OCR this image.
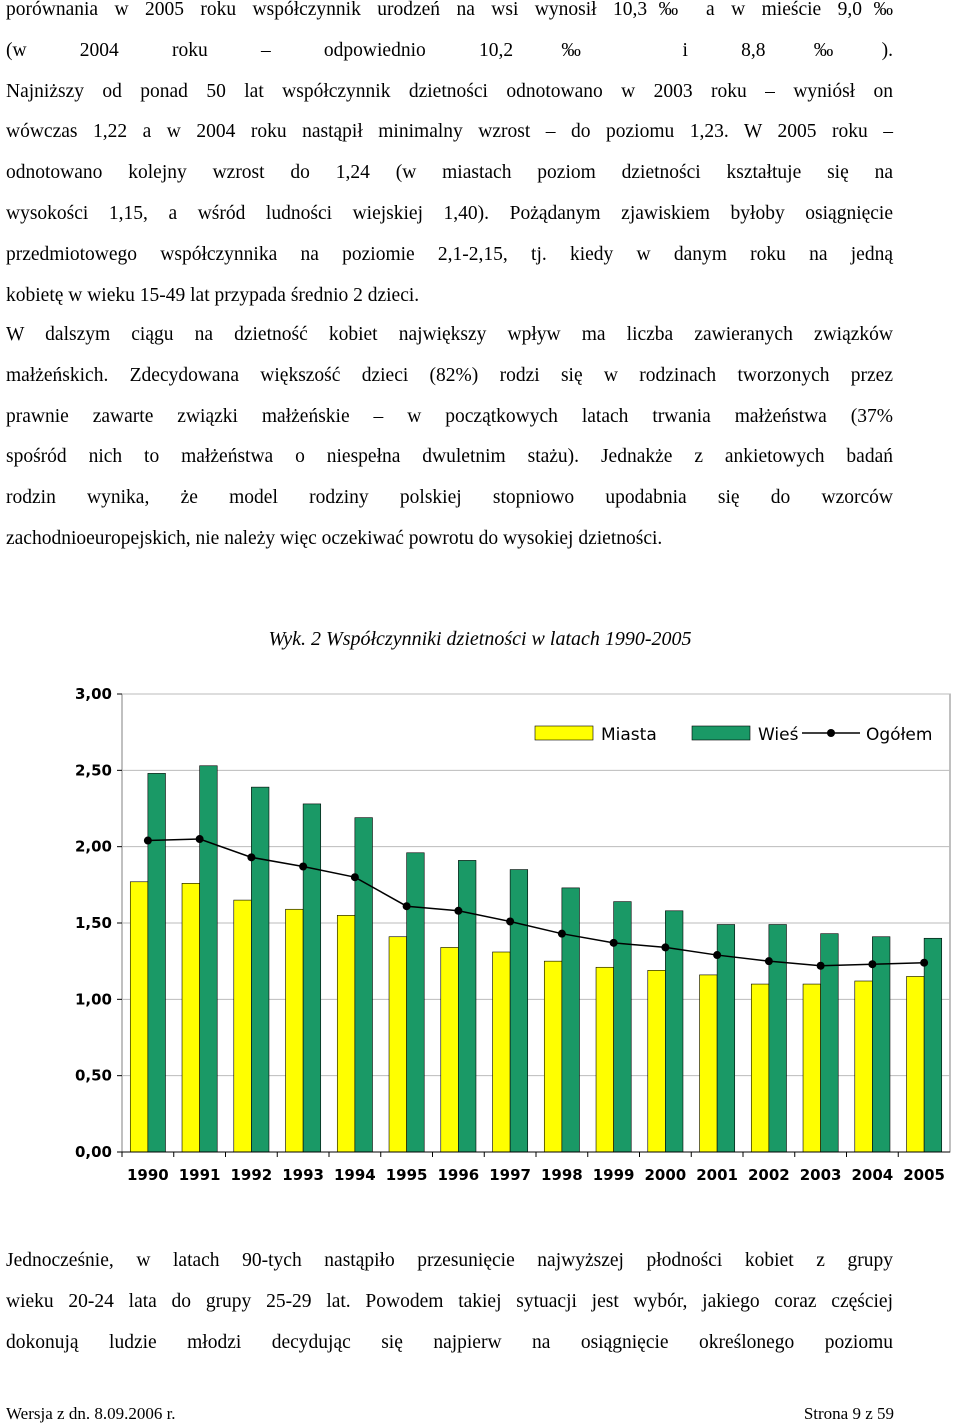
porównania w 2005 roku współczynnik urodzeń na wsi wynosił 10,3‰ a w mieście 9,0‰
(w 2004 roku – odpowiednio 10,2‰ i 8,8‰).
Najniższy od ponad 50 lat współczynnik dzietności odnotowano w 2003 roku – wyniósł on
wówczas 1,22 a w 2004 roku nastąpił minimalny wzrost – do poziomu 1,23. W 2005 roku –
odnotowano kolejny wzrost do 1,24 (w miastach poziom dzietności kształtuje się na
wysokości 1,15, a wśród ludności wiejskiej 1,40). Pożądanym zjawiskiem byłoby osiągnięcie
przedmiotowego współczynnika na poziomie 2,1-2,15, tj. kiedy w danym roku na jedną
kobietę w wieku 15-49 lat przypada średnio 2 dzieci.
W dalszym ciągu na dzietność kobiet największy wpływ ma liczba zawieranych związków
małżeńskich. Zdecydowana większość dzieci (82%) rodzi się w rodzinach tworzonych przez
prawnie zawarte związki małżeńskie – w początkowych latach trwania małżeństwa (37%
spośród nich to małżeństwa o niespełna dwuletnim stażu). Jednakże z ankietowych badań
rodzin wynika, że model rodziny polskiej stopniowo upodabnia się do wzorców
zachodnioeuropejskich, nie należy więc oczekiwać powrotu do wysokiej dzietności.
Wyk. 2 Współczynniki dzietności w latach 1990-2005
0,00
0,50
1,00
1,50
2,00
2,50
3,00
1990 1991 1992 1993 1994 1995 1996 1997 1998 1999 2000 2001 2002 2003 2004 2005
Miasta	Wieś	Ogółem
Jednocześnie, w latach 90-tych nastąpiło przesunięcie najwyższej płodności kobiet z grupy
wieku 20-24 lata do grupy 25-29 lat. Powodem takiej sytuacji jest wybór, jakiego coraz częściej
dokonują ludzie młodzi decydując się najpierw na osiągnięcie określonego poziomu
Wersja z dn. 8.09.2006 r.	Strona 9 z 59
